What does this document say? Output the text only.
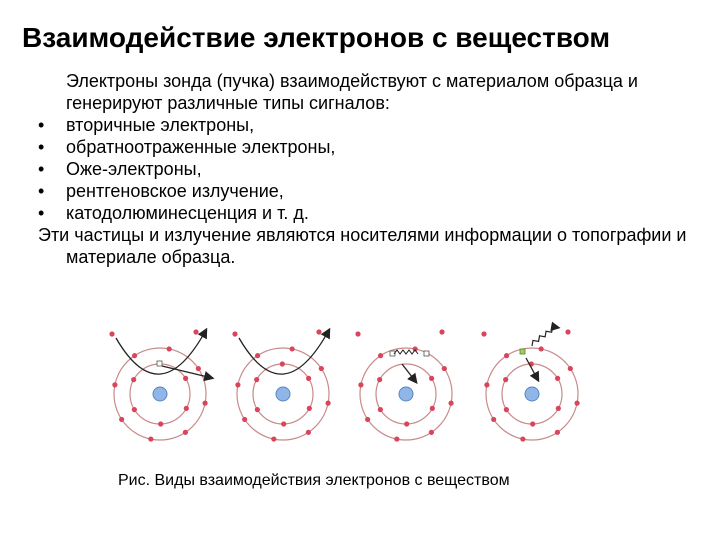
Взаимодействие электронов с веществом

Электроны зонда (пучка) взаимодействуют с материалом образца и генерируют различные типы сигналов:

• вторичные электроны,
• обратноотраженные электроны,
• Оже-электроны,
• рентгеновское излучение,
• катодолюминесценция и т. д.

Эти частицы и излучение являются носителями информации о топографии и материале образца.

Рис. Виды взаимодействия электронов с веществом
